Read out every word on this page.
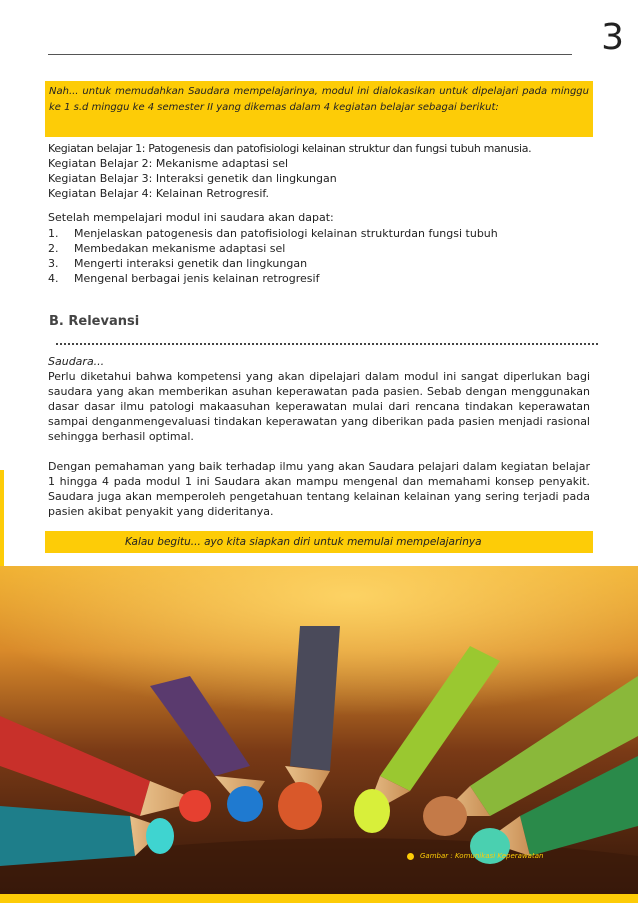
3

Nah... untuk memudahkan Saudara mempelajarinya, modul ini dialokasikan untuk dipelajari pada minggu ke 1 s.d minggu ke 4 semester II yang dikemas dalam 4 kegiatan belajar sebagai berikut:

Kegiatan belajar 1: Patogenesis dan patofisiologi kelainan struktur dan fungsi tubuh manusia.
Kegiatan Belajar 2: Mekanisme adaptasi sel
Kegiatan Belajar 3: Interaksi genetik dan lingkungan
Kegiatan Belajar 4: Kelainan Retrogresif.

Setelah mempelajari modul ini saudara akan dapat:

1.	Menjelaskan patogenesis dan patofisiologi kelainan strukturdan fungsi tubuh
2.	Membedakan mekanisme adaptasi sel
3.	Mengerti interaksi genetik dan lingkungan
4.	Mengenal berbagai jenis kelainan retrogresif
B. Relevansi

Saudara...

Perlu diketahui bahwa kompetensi yang akan dipelajari dalam modul ini sangat diperlukan bagi saudara yang akan memberikan asuhan keperawatan pada pasien. Sebab dengan menggunakan dasar dasar ilmu patologi makaasuhan keperawatan mulai dari rencana tindakan keperawatan sampai denganmengevaluasi tindakan keperawatan yang diberikan pada pasien menjadi rasional sehingga berhasil optimal.

Dengan pemahaman yang baik terhadap ilmu yang akan Saudara pelajari dalam kegiatan belajar 1 hingga 4 pada modul 1 ini Saudara akan mampu mengenal dan memahami konsep penyakit. Saudara juga akan memperoleh pengetahuan tentang kelainan kelainan yang sering terjadi pada pasien akibat penyakit yang dideritanya.

Kalau begitu... ayo kita siapkan diri untuk memulai mempelajarinya
Gambar : Komunikasi Keperawatan
